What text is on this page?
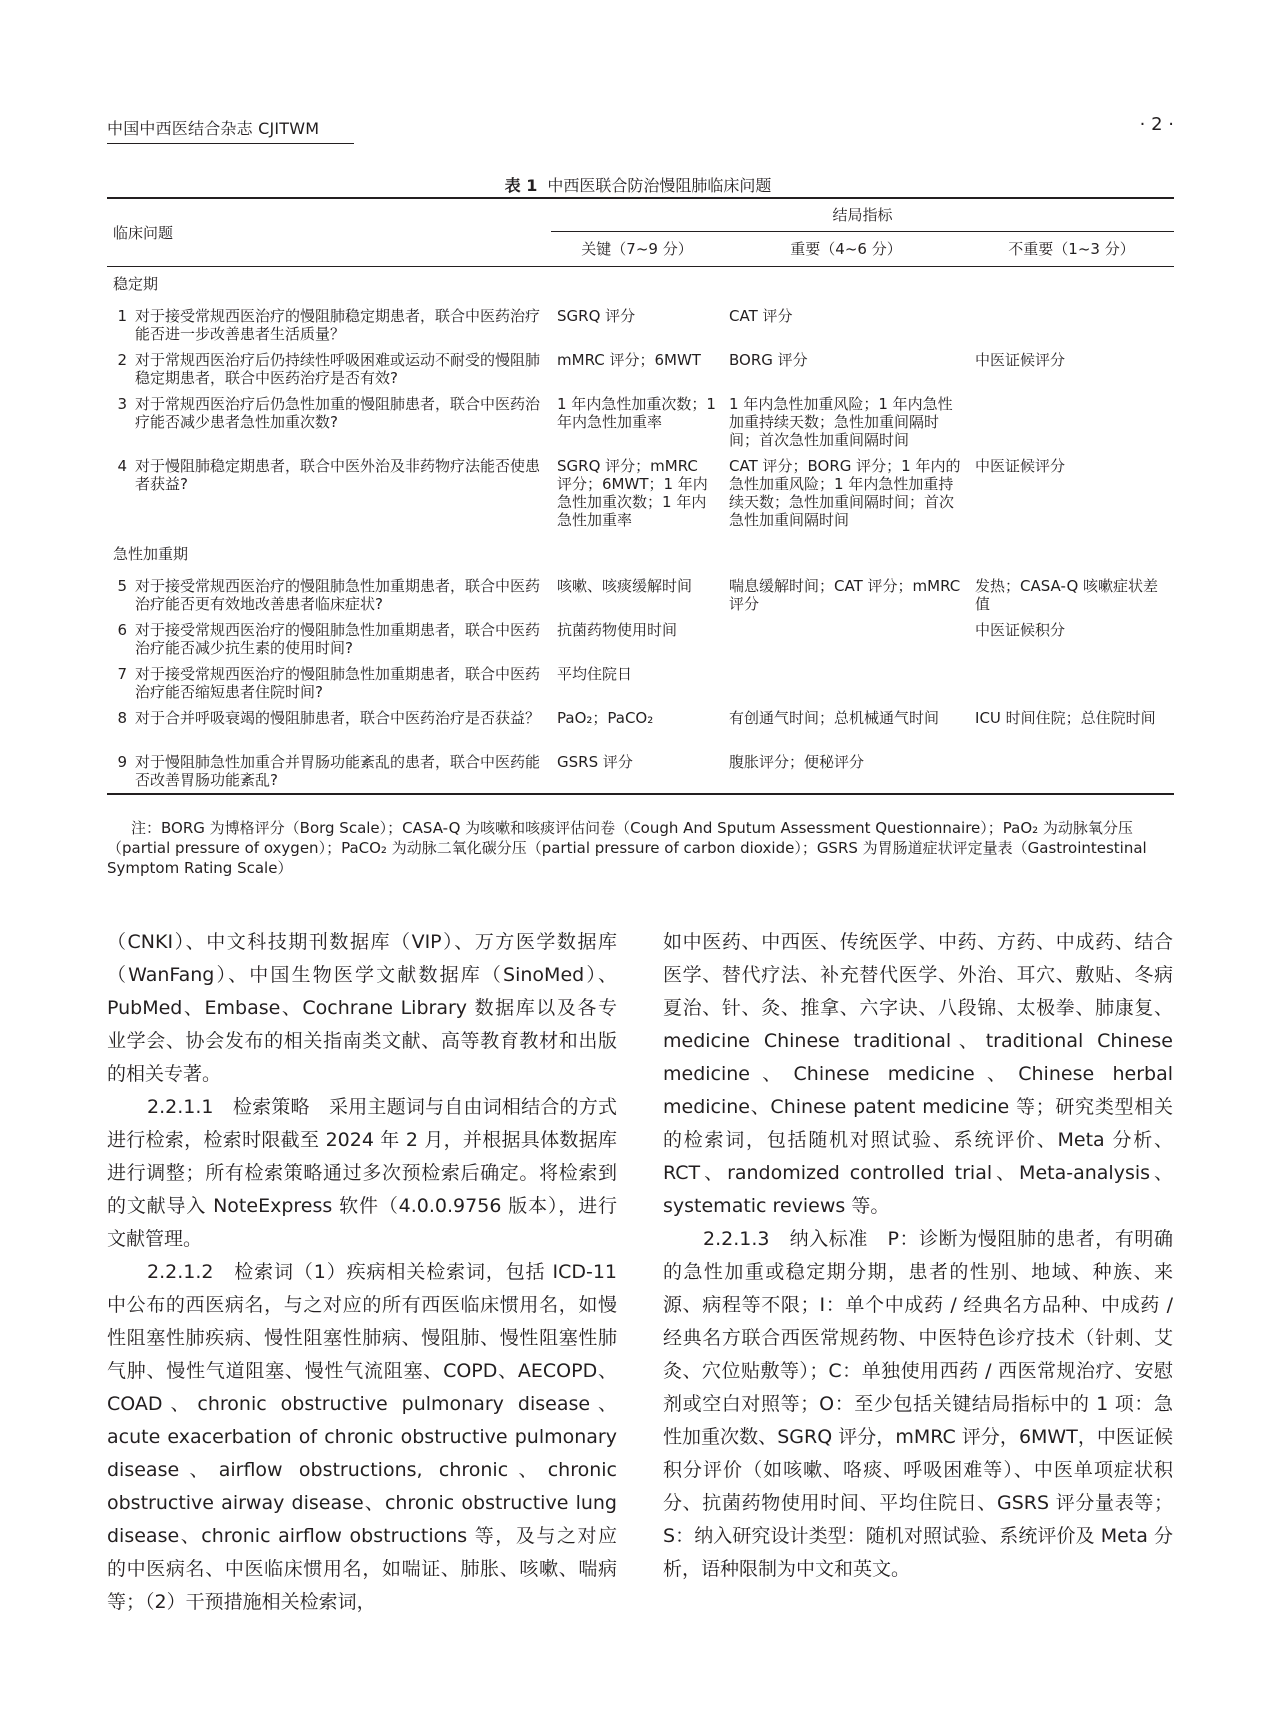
中国中西医结合杂志 CJITWM	· 2 ·
表 1 中西医联合防治慢阻肺临床问题
临床问题		结局指标		
		关键（7~9 分）	重要（4~6 分）	不重要（1~3 分）
稳定期				
1	对于接受常规西医治疗的慢阻肺稳定期患者，联合中医药治疗能否进一步改善患者生活质量？	SGRQ 评分	CAT 评分	
2	对于常规西医治疗后仍持续性呼吸困难或运动不耐受的慢阻肺稳定期患者，联合中医药治疗是否有效?	mMRC 评分；6MWT	BORG 评分	中医证候评分
3	对于常规西医治疗后仍急性加重的慢阻肺患者，联合中医药治疗能否减少患者急性加重次数?	1 年内急性加重次数；1 年内急性加重率	1 年内急性加重风险；1 年内急性加重持续天数；急性加重间隔时间；首次急性加重间隔时间	
4	对于慢阻肺稳定期患者，联合中医外治及非药物疗法能否使患者获益?	SGRQ 评分；mMRC 评分；6MWT；1 年内急性加重次数；1 年内急性加重率	CAT 评分；BORG 评分；1 年内的急性加重风险；1 年内急性加重持续天数；急性加重间隔时间；首次急性加重间隔时间	中医证候评分
急性加重期				
5	对于接受常规西医治疗的慢阻肺急性加重期患者，联合中医药治疗能否更有效地改善患者临床症状?	咳嗽、咳痰缓解时间	喘息缓解时间；CAT 评分；mMRC 评分	发热；CASA-Q 咳嗽症状差值
6	对于接受常规西医治疗的慢阻肺急性加重期患者，联合中医药治疗能否减少抗生素的使用时间?	抗菌药物使用时间		中医证候积分
7	对于接受常规西医治疗的慢阻肺急性加重期患者，联合中医药治疗能否缩短患者住院时间?	平均住院日		
8	对于合并呼吸衰竭的慢阻肺患者，联合中医药治疗是否获益？	PaO₂；PaCO₂	有创通气时间；总机械通气时间	ICU 时间住院；总住院时间
9	对于慢阻肺急性加重合并胃肠功能紊乱的患者，联合中医药能否改善胃肠功能紊乱?	GSRS 评分	腹胀评分；便秘评分	
注：BORG 为博格评分（Borg Scale）；CASA-Q 为咳嗽和咳痰评估问卷（Cough And Sputum Assessment Questionnaire）；PaO₂ 为动脉氧分压（partial pressure of oxygen）；PaCO₂ 为动脉二氧化碳分压（partial pressure of carbon dioxide）；GSRS 为胃肠道症状评定量表（Gastrointestinal Symptom Rating Scale）

（CNKI）、中文科技期刊数据库（VIP）、万方医学数据库（WanFang）、中国生物医学文献数据库（SinoMed）、PubMed、Embase、Cochrane Library 数据库以及各专业学会、协会发布的相关指南类文献、高等教育教材和出版的相关专著。

2.2.1.1　检索策略　采用主题词与自由词相结合的方式进行检索，检索时限截至 2024 年 2 月，并根据具体数据库进行调整；所有检索策略通过多次预检索后确定。将检索到的文献导入 NoteExpress 软件（4.0.0.9756 版本），进行文献管理。

2.2.1.2　检索词（1）疾病相关检索词，包括 ICD-11 中公布的西医病名，与之对应的所有西医临床惯用名，如慢性阻塞性肺疾病、慢性阻塞性肺病、慢阻肺、慢性阻塞性肺气肿、慢性气道阻塞、慢性气流阻塞、COPD、AECOPD、COAD、chronic obstructive pulmonary disease、acute exacerbation of chronic obstructive pulmonary disease、airflow obstructions, chronic、chronic obstructive airway disease、chronic obstructive lung disease、chronic airflow obstructions 等，及与之对应的中医病名、中医临床惯用名，如喘证、肺胀、咳嗽、喘病等；（2）干预措施相关检索词，

如中医药、中西医、传统医学、中药、方药、中成药、结合医学、替代疗法、补充替代医学、外治、耳穴、敷贴、冬病夏治、针、灸、推拿、六字诀、八段锦、太极拳、肺康复、medicine Chinese traditional、traditional Chinese medicine、Chinese medicine、Chinese herbal medicine、Chinese patent medicine 等；研究类型相关的检索词，包括随机对照试验、系统评价、Meta 分析、RCT、randomized controlled trial、Meta-analysis、systematic reviews 等。

2.2.1.3　纳入标准　P：诊断为慢阻肺的患者，有明确的急性加重或稳定期分期，患者的性别、地域、种族、来源、病程等不限；I：单个中成药 / 经典名方品种、中成药 / 经典名方联合西医常规药物、中医特色诊疗技术（针刺、艾灸、穴位贴敷等）；C：单独使用西药 / 西医常规治疗、安慰剂或空白对照等；O：至少包括关键结局指标中的 1 项：急性加重次数、SGRQ 评分，mMRC 评分，6MWT，中医证候积分评价（如咳嗽、咯痰、呼吸困难等）、中医单项症状积分、抗菌药物使用时间、平均住院日、GSRS 评分量表等；S：纳入研究设计类型：随机对照试验、系统评价及 Meta 分析，语种限制为中文和英文。
